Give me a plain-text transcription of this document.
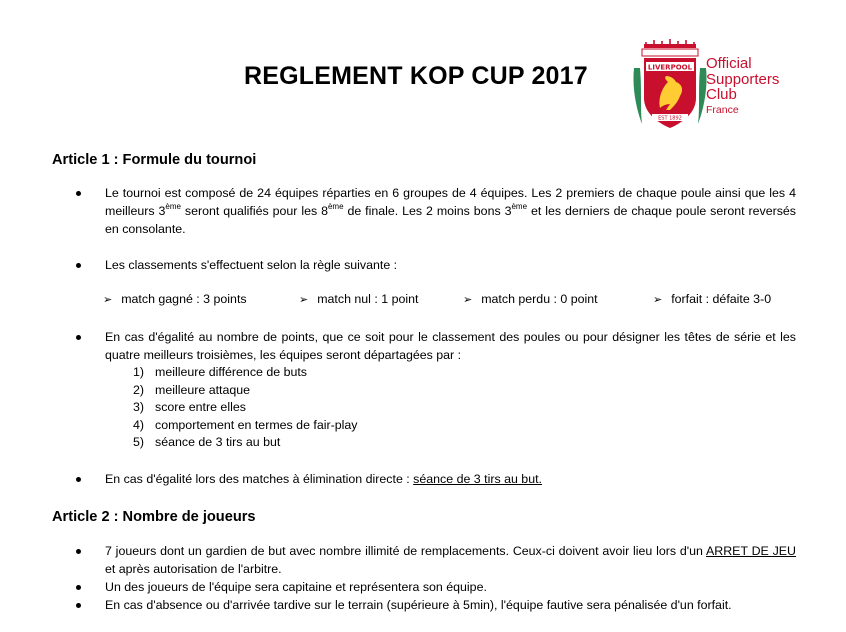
REGLEMENT KOP CUP 2017	LIVERPOOL
EST 1892
Official
Supporters
Club
France
Article 1 : Formule du tournoi
Le tournoi est composé de 24 équipes réparties en 6 groupes de 4 équipes. Les 2 premiers de chaque poule ainsi que les 4 meilleurs 3ème seront qualifiés pour les 8ème de finale. Les 2 moins bons 3ème et les derniers de chaque poule seront reversés en consolante.
Les classements s'effectuent selon la règle suivante :
➢ match gagné : 3 points	➢ match nul : 1 point	➢ match perdu : 0 point	➢ forfait : défaite 3-0
En cas d'égalité au nombre de points, que ce soit pour le classement des poules ou pour désigner les têtes de série et les quatre meilleurs troisièmes, les équipes seront départagées par :
1) meilleure différence de buts
2) meilleure attaque
3) score entre elles
4) comportement en termes de fair-play
5) séance de 3 tirs au but
En cas d'égalité lors des matches à élimination directe : séance de 3 tirs au but.
Article 2 : Nombre de joueurs
7 joueurs dont un gardien de but avec nombre illimité de remplacements. Ceux-ci doivent avoir lieu lors d'un ARRET DE JEU et après autorisation de l'arbitre.
Un des joueurs de l'équipe sera capitaine et représentera son équipe.
En cas d'absence ou d'arrivée tardive sur le terrain (supérieure à 5min), l'équipe fautive sera pénalisée d'un forfait.
